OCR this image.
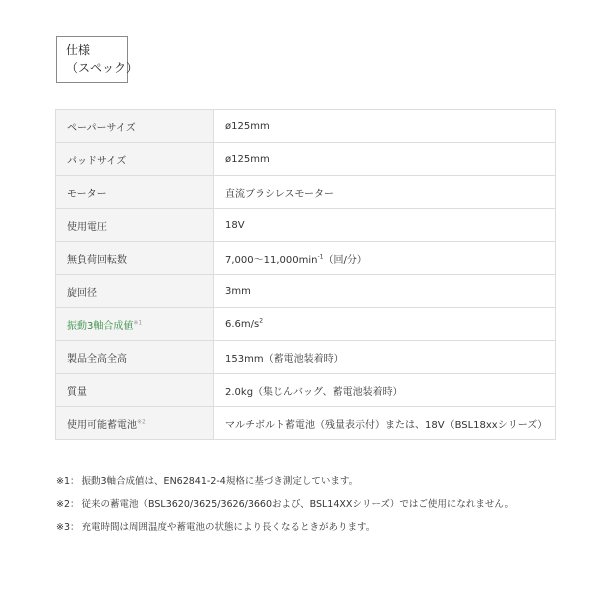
仕様
（スペック）
ペーパーサイズ	ø125mm
パッドサイズ	ø125mm
モーター	直流ブラシレスモーター
使用電圧	18V
無負荷回転数	$7,000\sim 11,000\min^{-1}$（回/分）
旋回径	3mm
振動3軸合成値$^{※1}$	$6.6m/s^2$
製品全高全高	153mm（蓄電池装着時）
質量	2.0kg（集じんバッグ、蓄電池装着時）
使用可能蓄電池$^{※2}$	マルチボルト蓄電池（残量表示付）または、18V（BSL18xxシリーズ）
※1： 振動3軸合成値は、EN62841-2-4規格に基づき測定しています。
※2： 従来の蓄電池（BSL3620/3625/3626/3660および、BSL14XXシリーズ）ではご使用になれません。
※3： 充電時間は周囲温度や蓄電池の状態により長くなるときがあります。
